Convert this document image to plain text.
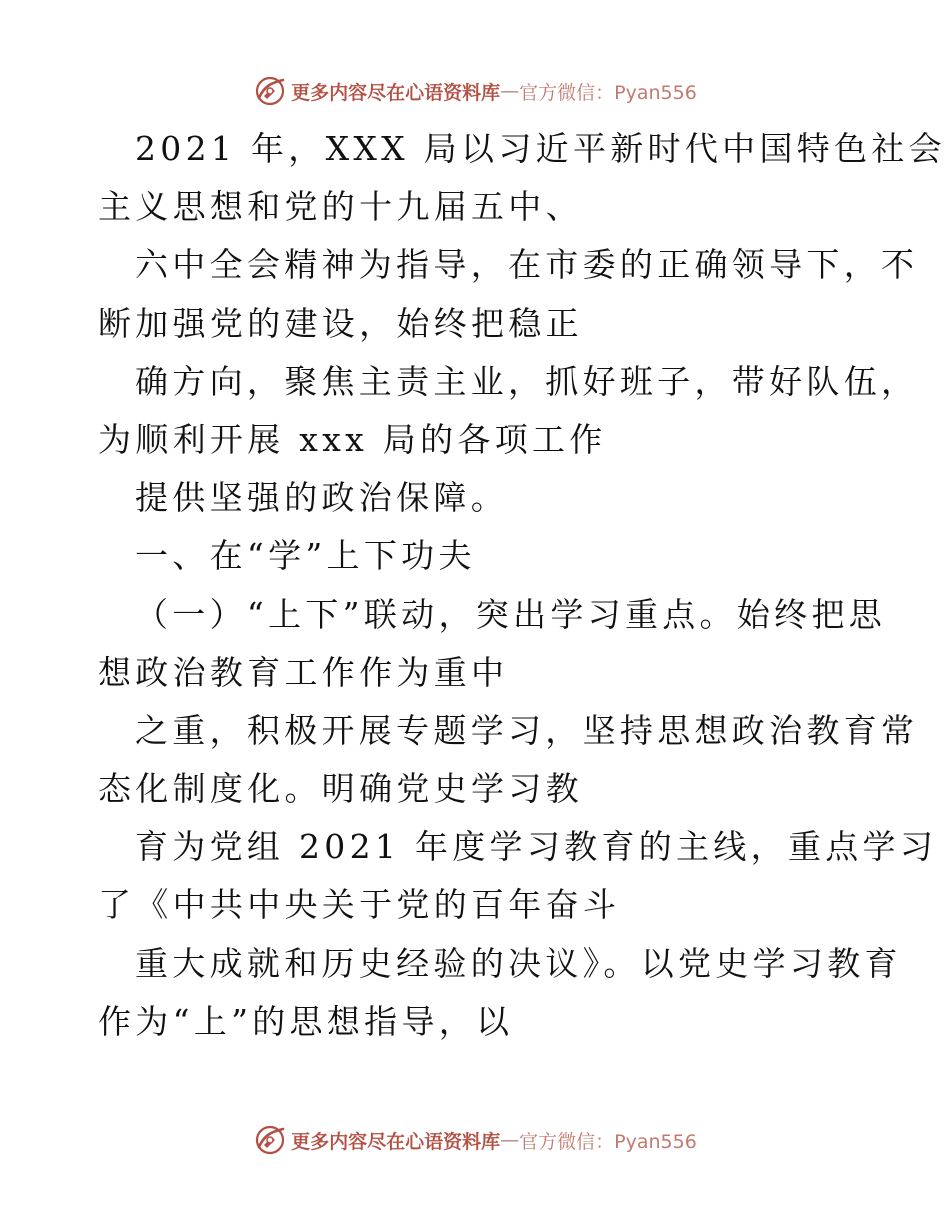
更多内容尽在心语资料库 — 官方微信：Pyan556
2021 年，XXX 局以习近平新时代中国特色社会
主义思想和党的十九届五中、
六中全会精神为指导，在市委的正确领导下，不
断加强党的建设，始终把稳正
确方向，聚焦主责主业，抓好班子，带好队伍，
为顺利开展 xxx 局的各项工作
提供坚强的政治保障。
一、在“学”上下功夫
（一）“上下”联动，突出学习重点。始终把思
想政治教育工作作为重中
之重，积极开展专题学习，坚持思想政治教育常
态化制度化。明确党史学习教
育为党组 2021 年度学习教育的主线，重点学习
了《中共中央关于党的百年奋斗
重大成就和历史经验的决议》。以党史学习教育
作为“上”的思想指导，以
更多内容尽在心语资料库 — 官方微信：Pyan556
